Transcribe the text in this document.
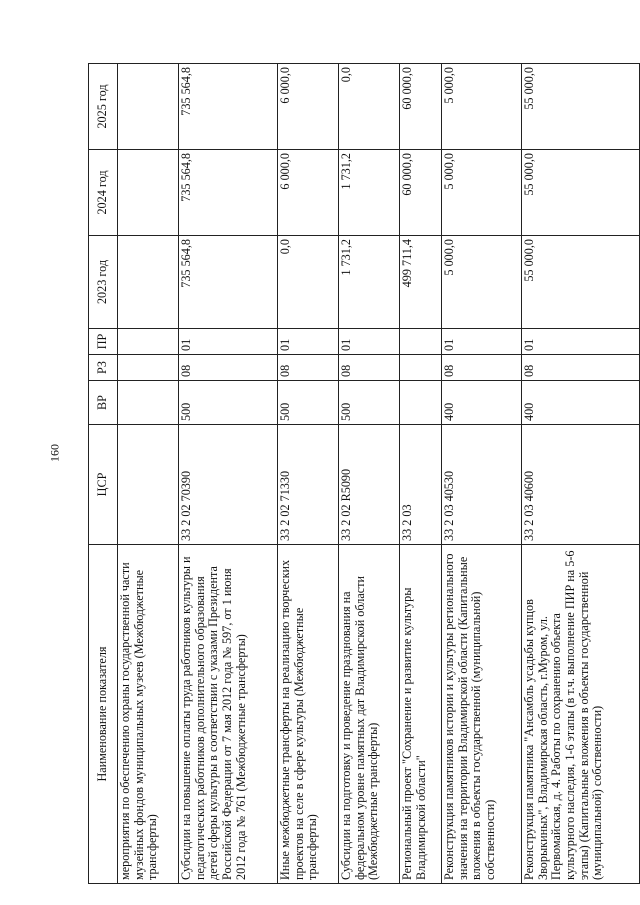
160
Наименование показателя	ЦСР	ВР	РЗ	ПР	2023 год	2024 год	2025 год
мероприятия по обеспечению охраны государственной части музейных фондов муниципальных музеев (Межбюджетные трансферты)							
Субсидии на повышение оплаты труда работников культуры и педагогических работников дополнительного образования детей сферы культуры в соответствии с указами Президента Российской Федерации от 7 мая 2012 года № 597, от 1 июня 2012 года № 761 (Межбюджетные трансферты)	33 2 02 70390	500	08	01	735 564,8	735 564,8	735 564,8
Иные межбюджетные трансферты на реализацию творческих проектов на селе в сфере культуры (Межбюджетные трансферты)	33 2 02 71330	500	08	01	0,0	6 000,0	6 000,0
Субсидии на подготовку и проведение празднования на федеральном уровне памятных дат Владимирской области (Межбюджетные трансферты)	33 2 02 R5090	500	08	01	1 731,2	1 731,2	0,0
Региональный проект "Сохранение и развитие культуры Владимирской области"	33 2 03				499 711,4	60 000,0	60 000,0
Реконструкция памятников истории и культуры регионального значения на территории Владимирской области (Капитальные вложения в объекты государственной (муниципальной) собственности)	33 2 03 40530	400	08	01	5 000,0	5 000,0	5 000,0
Реконструкция памятника "Ансамбль усадьбы купцов Зворыкиных", Владимирская область, г.Муром, ул. Первомайская, д. 4. Работы по сохранению объекта культурного наследия, 1-6 этапы (в т.ч. выполнение ПИР на 5-6 этапы) (Капитальные вложения в объекты государственной (муниципальной) собственности)	33 2 03 40600	400	08	01	55 000,0	55 000,0	55 000,0
